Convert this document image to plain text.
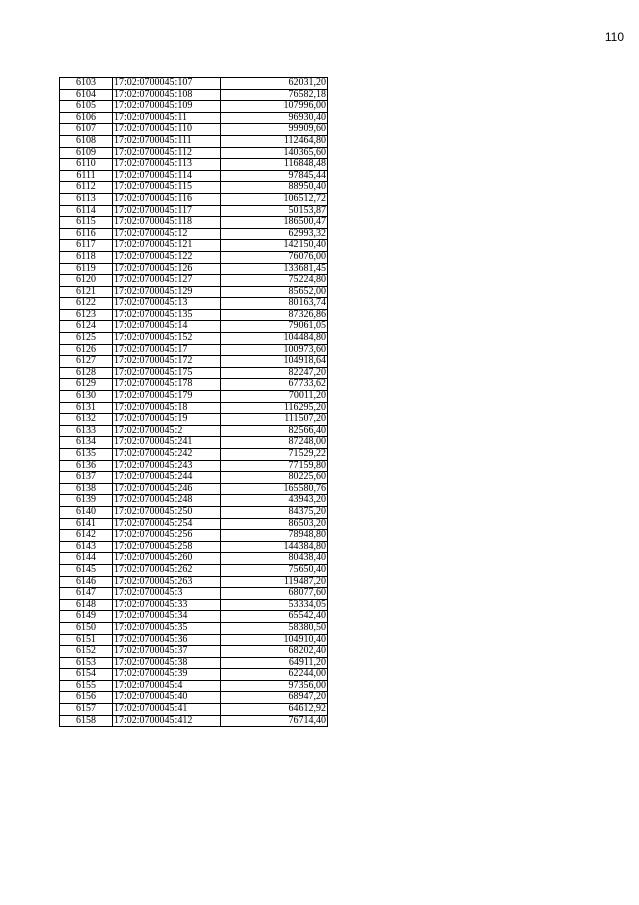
110
6103	17:02:0700045:107	62031,20
6104	17:02:0700045:108	76582,18
6105	17:02:0700045:109	107996,00
6106	17:02:0700045:11	96930,40
6107	17:02:0700045:110	99909,60
6108	17:02:0700045:111	112464,80
6109	17:02:0700045:112	140365,60
6110	17:02:0700045:113	116848,48
6111	17:02:0700045:114	97845,44
6112	17:02:0700045:115	88950,40
6113	17:02:0700045:116	106512,72
6114	17:02:0700045:117	50153,87
6115	17:02:0700045:118	186500,47
6116	17:02:0700045:12	62993,32
6117	17:02:0700045:121	142150,40
6118	17:02:0700045:122	76076,00
6119	17:02:0700045:126	133681,45
6120	17:02:0700045:127	75224,80
6121	17:02:0700045:129	85652,00
6122	17:02:0700045:13	80163,74
6123	17:02:0700045:135	87326,86
6124	17:02:0700045:14	79061,05
6125	17:02:0700045:152	104484,80
6126	17:02:0700045:17	100973,60
6127	17:02:0700045:172	104918,64
6128	17:02:0700045:175	82247,20
6129	17:02:0700045:178	67733,62
6130	17:02:0700045:179	70011,20
6131	17:02:0700045:18	116295,20
6132	17:02:0700045:19	111507,20
6133	17:02:0700045:2	82566,40
6134	17:02:0700045:241	87248,00
6135	17:02:0700045:242	71529,22
6136	17:02:0700045:243	77159,80
6137	17:02:0700045:244	80225,60
6138	17:02:0700045:246	165580,76
6139	17:02:0700045:248	43943,20
6140	17:02:0700045:250	84375,20
6141	17:02:0700045:254	86503,20
6142	17:02:0700045:256	78948,80
6143	17:02:0700045:258	144384,80
6144	17:02:0700045:260	80438,40
6145	17:02:0700045:262	75650,40
6146	17:02:0700045:263	119487,20
6147	17:02:0700045:3	68077,60
6148	17:02:0700045:33	53334,05
6149	17:02:0700045:34	65542,40
6150	17:02:0700045:35	58380,50
6151	17:02:0700045:36	104910,40
6152	17:02:0700045:37	68202,40
6153	17:02:0700045:38	64911,20
6154	17:02:0700045:39	62244,00
6155	17:02:0700045:4	97356,00
6156	17:02:0700045:40	68947,20
6157	17:02:0700045:41	64612,92
6158	17:02:0700045:412	76714,40
